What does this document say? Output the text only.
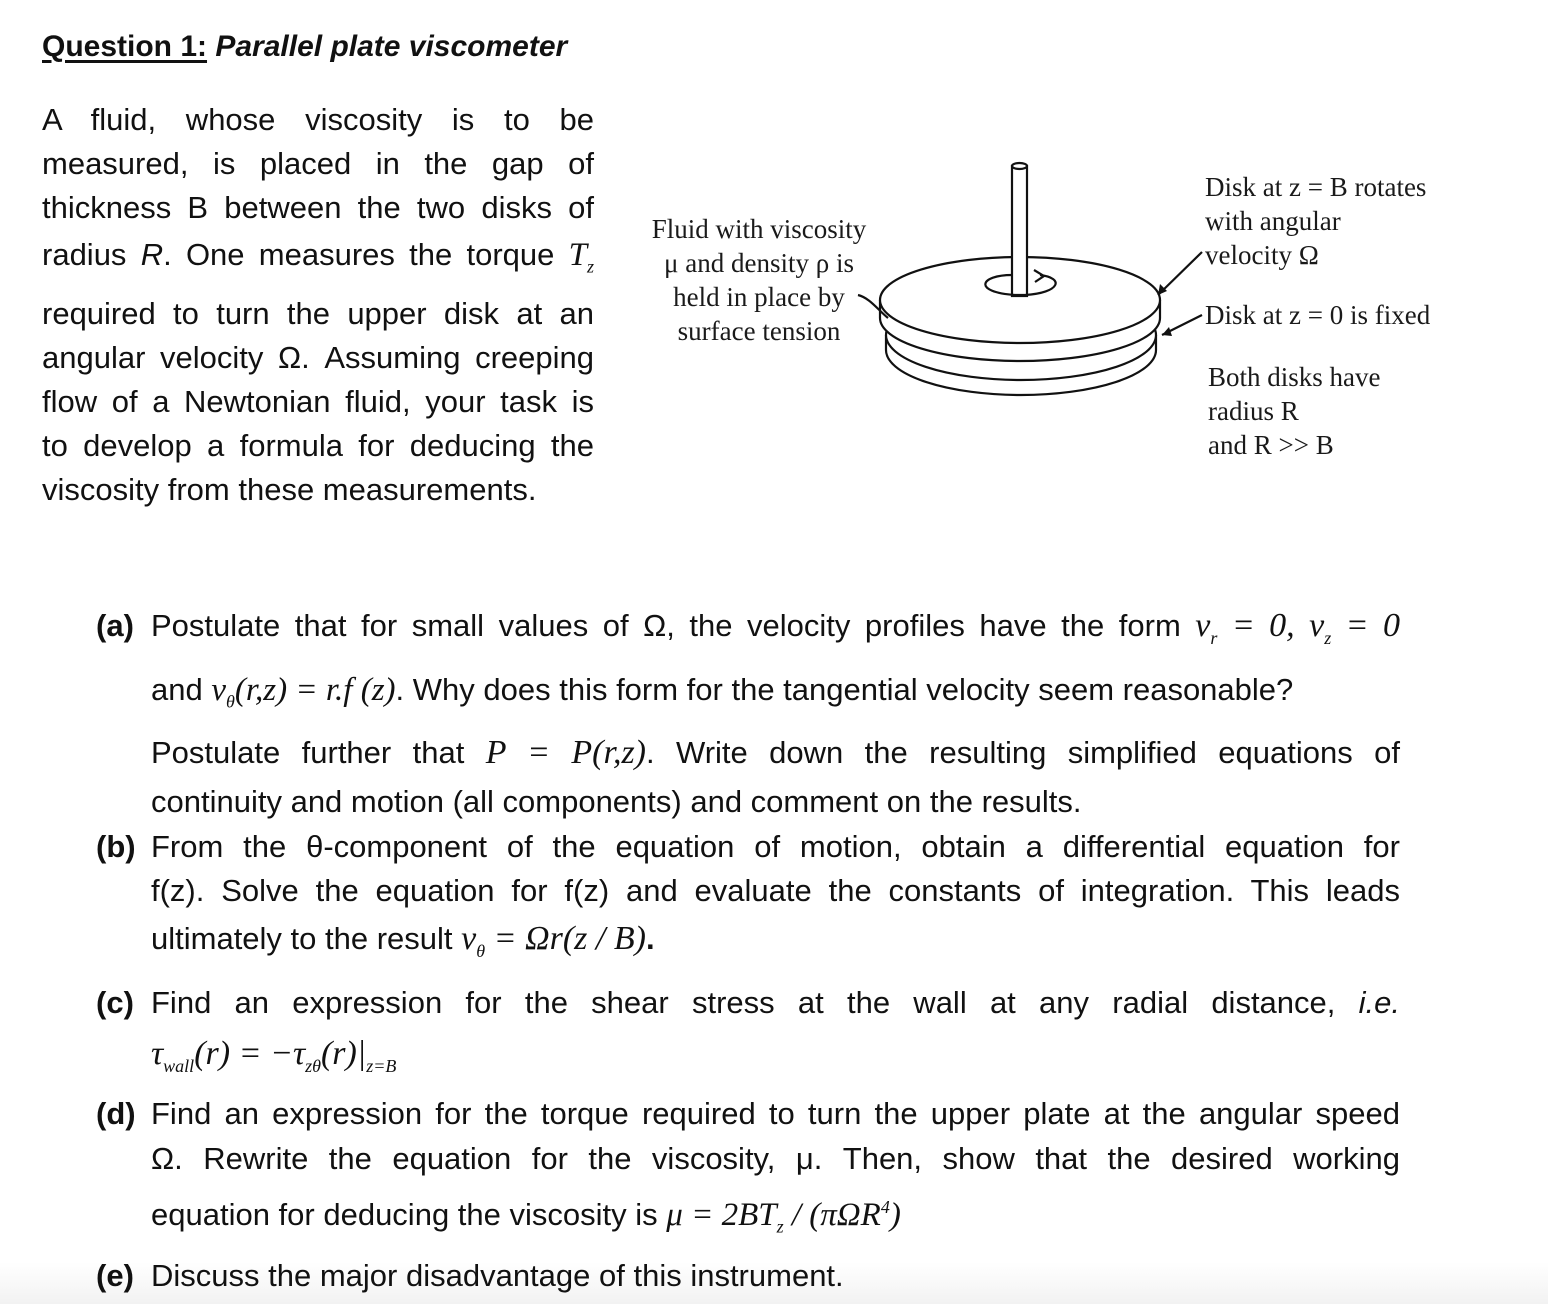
Question 1: Parallel plate viscometer
A fluid, whose viscosity is to be
measured, is placed in the gap of
thickness B between the two disks of
radius R. One measures the torque $T_z$
required to turn the upper disk at an
angular velocity Ω. Assuming creeping
flow of a Newtonian fluid, your task is
to develop a formula for deducing the
viscosity from these measurements.
Fluid with viscosity
μ and density ρ is
held in place by
surface tension
Disk at z = B rotates
with angular
velocity Ω
Disk at z = 0 is fixed
Both disks have
radius R
and R >> B
(a) Postulate that for small values of Ω, the velocity profiles have the form $v_r = 0$, $v_z = 0$
and $v_\theta(r,z) = r.f$ (z). Why does this form for the tangential velocity seem reasonable?
Postulate further that P = P(r,z). Write down the resulting simplified equations of
continuity and motion (all components) and comment on the results.
(b) From the θ-component of the equation of motion, obtain a differential equation for
f(z). Solve the equation for f(z) and evaluate the constants of integration. This leads
ultimately to the result $v_\theta = \Omega r(z / B)$.
(c) Find an expression for the shear stress at the wall at any radial distance, i.e.
$\tau_{wall}(r) = -\tau_{z\theta}(r)|_{z=B}$
(d) Find an expression for the torque required to turn the upper plate at the angular speed
Ω. Rewrite the equation for the viscosity, μ. Then, show that the desired working
equation for deducing the viscosity is $\mu = 2BT_z / (\pi\Omega R^4)$
(e) Discuss the major disadvantage of this instrument.
